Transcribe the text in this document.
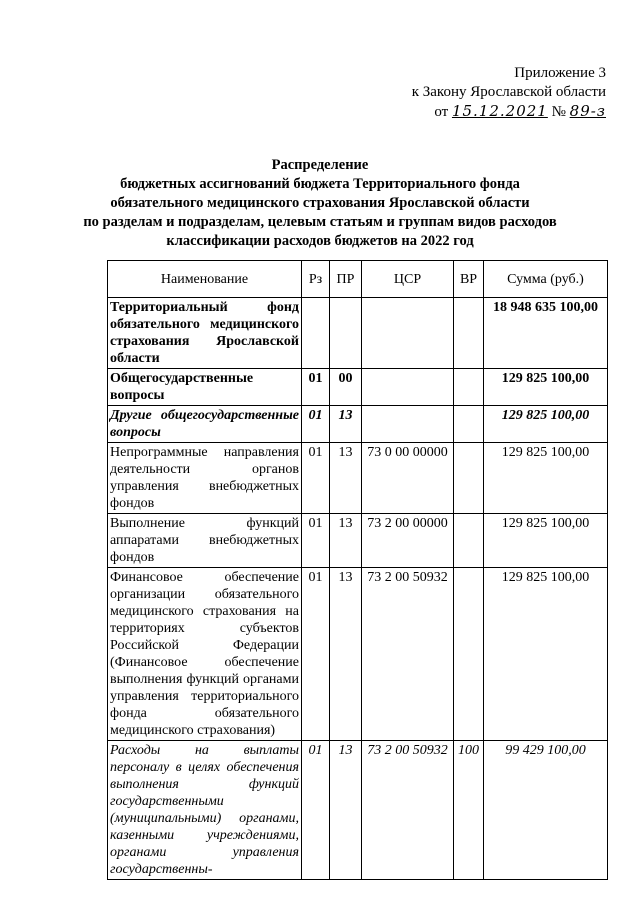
Приложение 3
к Закону Ярославской области
от 15.12.2021 № 89-з
Распределение
бюджетных ассигнований бюджета Территориального фонда
обязательного медицинского страхования Ярославской области
по разделам и подразделам, целевым статьям и группам видов расходов
классификации расходов бюджетов на 2022 год
Наименование	Рз	ПР	ЦСР	ВР	Сумма (руб.)
Территориальный фонд обязательного медицинского страхования Ярославской области					18 948 635 100,00
Общегосударственные вопросы	01	00			129 825 100,00
Другие общегосударственные вопросы	01	13			129 825 100,00
Непрограммные направления деятельности органов управления внебюджетных фондов	01	13	73 0 00 00000		129 825 100,00
Выполнение функций аппаратами внебюджетных фондов	01	13	73 2 00 00000		129 825 100,00
Финансовое обеспечение организации обязательного медицинского страхования на территориях субъектов Российской Федерации (Финансовое обеспечение выполнения функций органами управления территориального фонда обязательного медицинского страхования)	01	13	73 2 00 50932		129 825 100,00
Расходы на выплаты персоналу в целях обеспечения выполнения функций государственными (муниципальными) органами, казенными учреждениями, органами управления государственны-	01	13	73 2 00 50932	100	99 429 100,00
